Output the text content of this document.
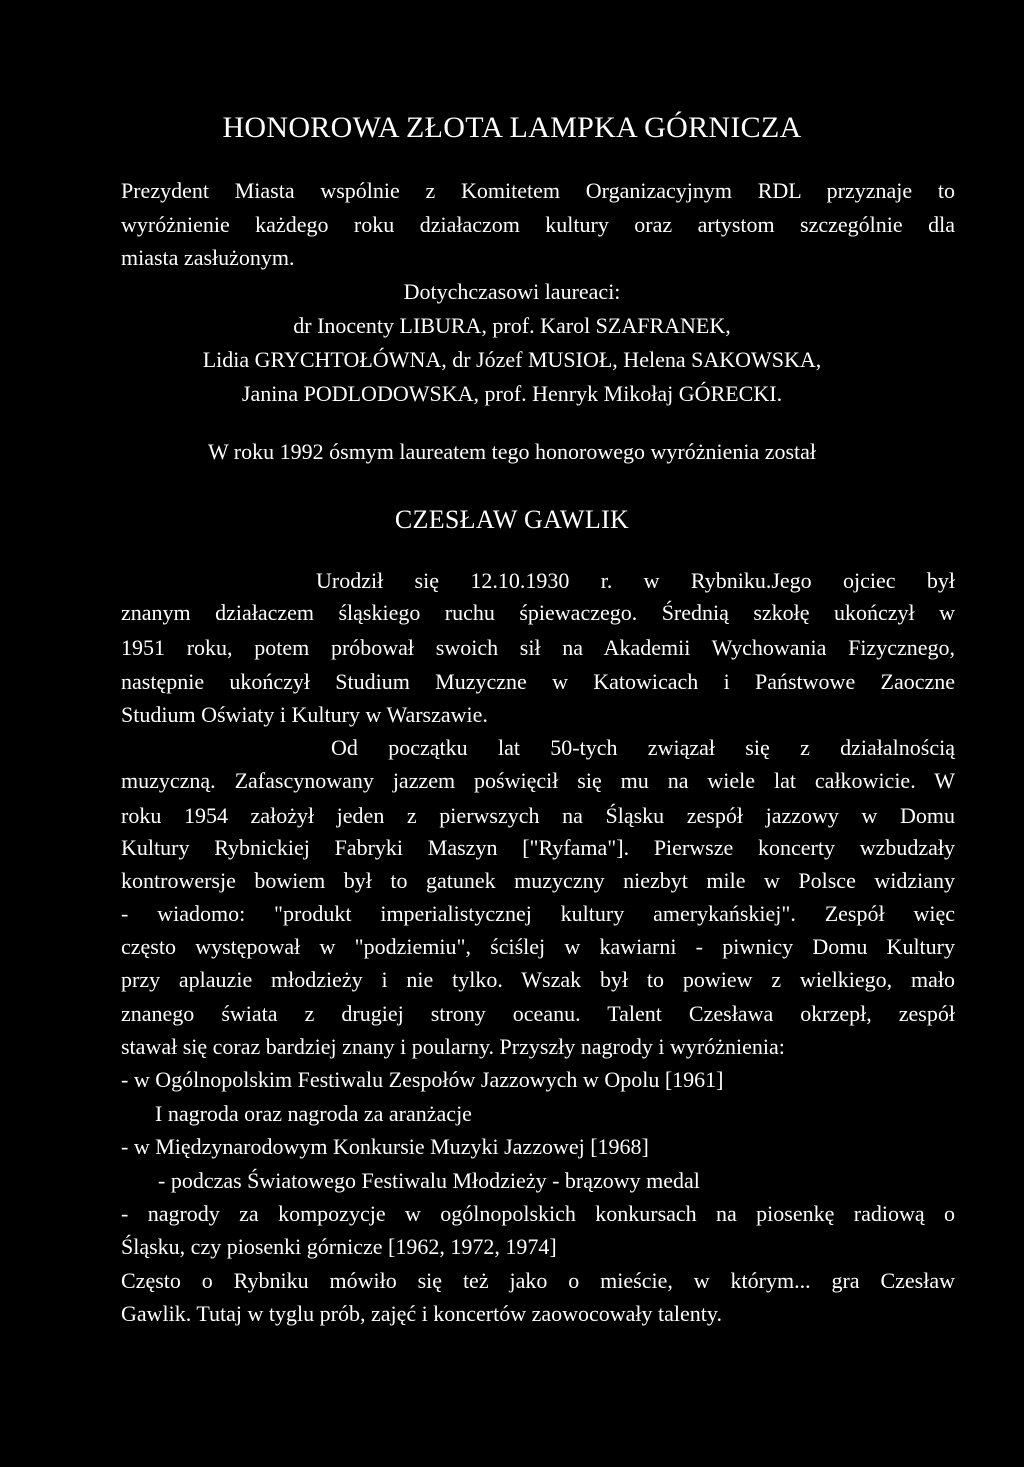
HONOROWA ZŁOTA LAMPKA GÓRNICZA

Prezydent Miasta wspólnie z Komitetem Organizacyjnym RDL przyznaje to

wyróżnienie każdego roku działaczom kultury oraz artystom szczególnie dla

miasta zasłużonym.

Dotychczasowi laureaci:

dr Inocenty LIBURA, prof. Karol SZAFRANEK,

Lidia GRYCHTOŁÓWNA, dr Józef MUSIOŁ, Helena SAKOWSKA,

Janina PODLODOWSKA, prof. Henryk Mikołaj GÓRECKI.

W roku 1992 ósmym laureatem tego honorowego wyróżnienia został

CZESŁAW GAWLIK

Urodził się 12.10.1930 r. w Rybniku.Jego ojciec był

znanym działaczem śląskiego ruchu śpiewaczego. Średnią szkołę ukończył w

1951 roku, potem próbował swoich sił na Akademii Wychowania Fizycznego,

następnie ukończył Studium Muzyczne w Katowicach i Państwowe Zaoczne

Studium Oświaty i Kultury w Warszawie.

Od początku lat 50-tych związał się z działalnością

muzyczną. Zafascynowany jazzem poświęcił się mu na wiele lat całkowicie. W

roku 1954 założył jeden z pierwszych na Śląsku zespół jazzowy w Domu

Kultury Rybnickiej Fabryki Maszyn ["Ryfama"]. Pierwsze koncerty wzbudzały

kontrowersje bowiem był to gatunek muzyczny niezbyt mile w Polsce widziany

- wiadomo: "produkt imperialistycznej kultury amerykańskiej". Zespół więc

często występował w "podziemiu", ściślej w kawiarni - piwnicy Domu Kultury

przy aplauzie młodzieży i nie tylko. Wszak był to powiew z wielkiego, mało

znanego świata z drugiej strony oceanu. Talent Czesława okrzepł, zespół

stawał się coraz bardziej znany i poularny. Przyszły nagrody i wyróżnienia:

- w Ogólnopolskim Festiwalu Zespołów Jazzowych w Opolu [1961]

I nagroda oraz nagroda za aranżacje

- w Międzynarodowym Konkursie Muzyki Jazzowej [1968]

- podczas Światowego Festiwalu Młodzieży - brązowy medal

- nagrody za kompozycje w ogólnopolskich konkursach na piosenkę radiową o

Śląsku, czy piosenki górnicze [1962, 1972, 1974]

Często o Rybniku mówiło się też jako o mieście, w którym... gra Czesław

Gawlik. Tutaj w tyglu prób, zajęć i koncertów zaowocowały talenty.
